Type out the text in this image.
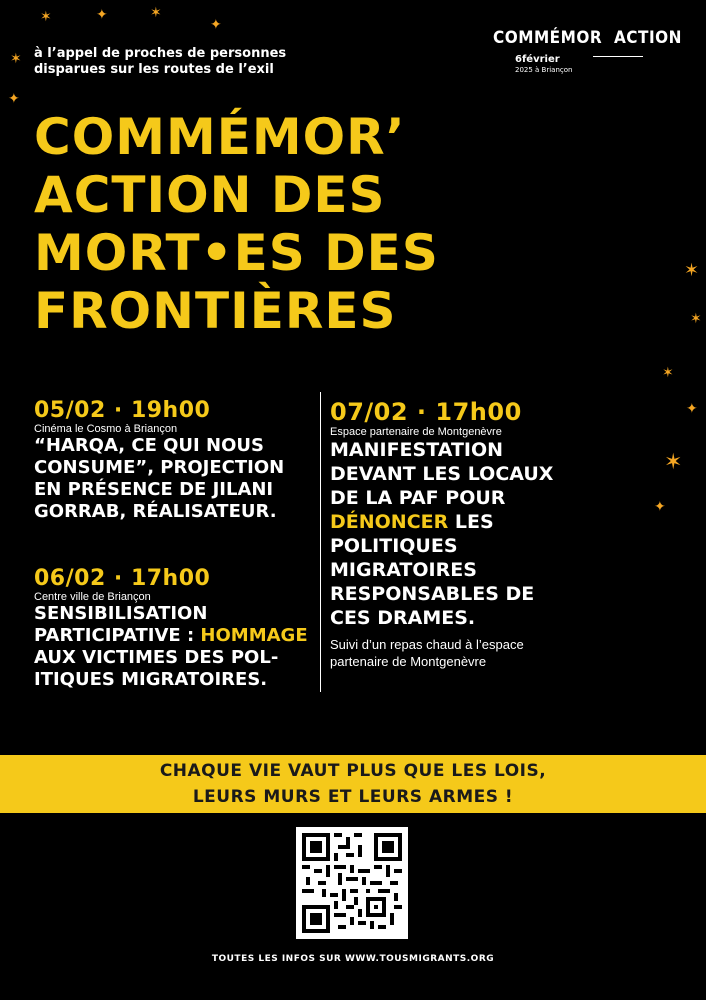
✶	✦	✶
✦
✶
✦
✶
✶
✶
✦
✶
✦
à l’appel de proches de personnes
disparues sur les routes de l’exil
COMMÉMOR ACTION
6février
2025 à Briançon
COMMÉMOR’
ACTION DES
MORT•ES DES
FRONTIÈRES
05/02 · 19h00
Cinéma le Cosmo à Briançon
“HARQA, CE QUI NOUS
CONSUME”, PROJECTION
EN PRÉSENCE DE JILANI
GORRAB, RÉALISATEUR.
06/02 · 17h00
Centre ville de Briançon
SENSIBILISATION
PARTICIPATIVE : HOMMAGE
AUX VICTIMES DES POL-
ITIQUES MIGRATOIRES.
07/02 · 17h00
Espace partenaire de Montgenèvre
MANIFESTATION
DEVANT LES LOCAUX
DE LA PAF POUR
DÉNONCER LES
POLITIQUES
MIGRATOIRES
RESPONSABLES DE
CES DRAMES.
Suivi d’un repas chaud à l’espace
partenaire de Montgenèvre
CHAQUE VIE VAUT PLUS QUE LES LOIS,
LEURS MURS ET LEURS ARMES !
TOUTES LES INFOS SUR WWW.TOUSMIGRANTS.ORG
